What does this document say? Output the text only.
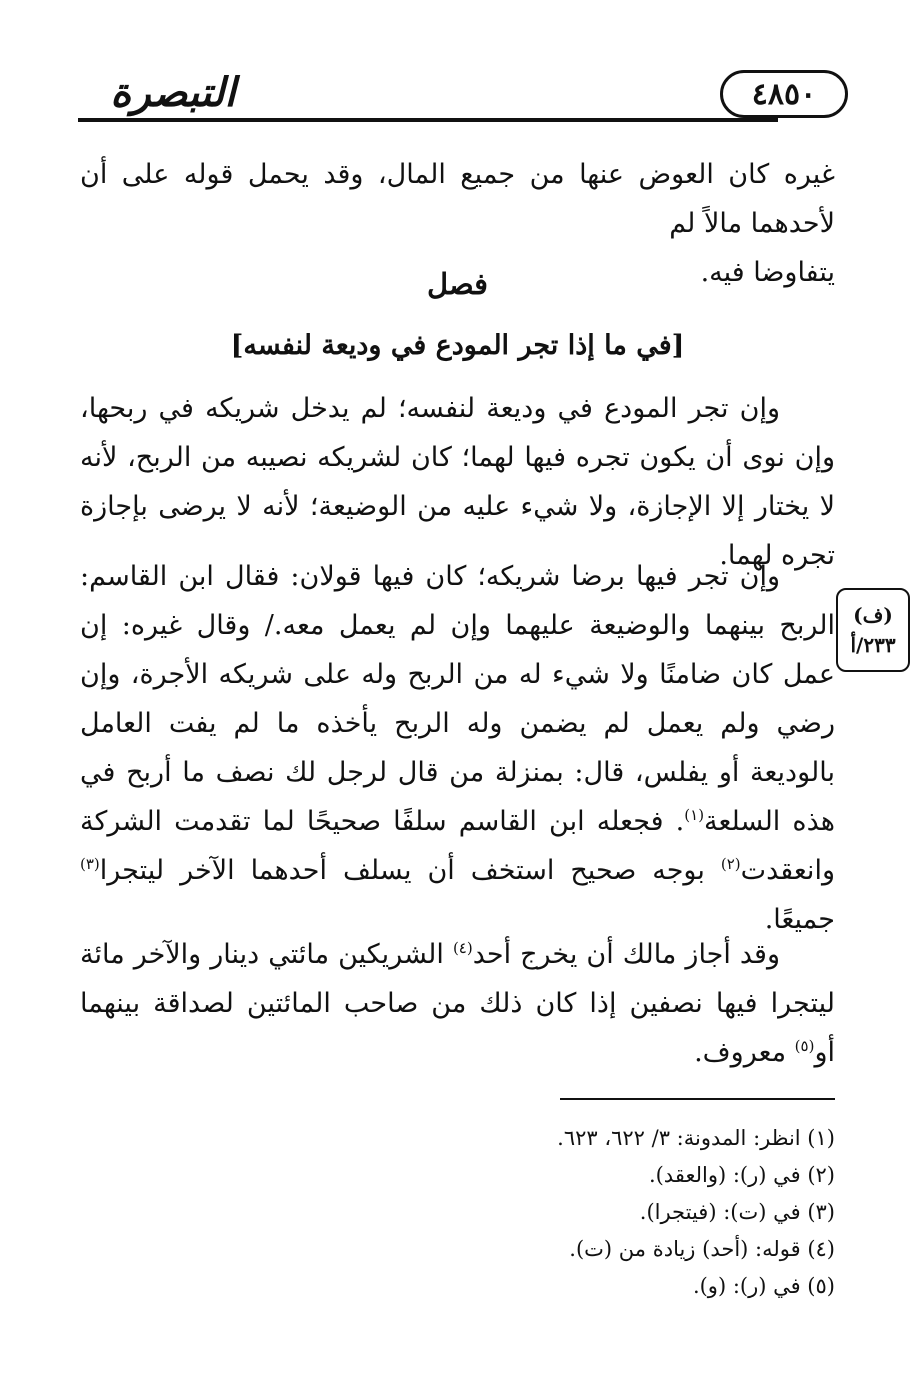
٤٨٥٠
التبصرة
غيره كان العوض عنها من جميع المال، وقد يحمل قوله على أن لأحدهما مالاً لم
يتفاوضا فيه.
فصل
[في ما إذا تجر المودع في وديعة لنفسه]
وإن تجر المودع في وديعة لنفسه؛ لم يدخل شريكه في ربحها، وإن نوى أن يكون تجره فيها لهما؛ كان لشريكه نصيبه من الربح، لأنه لا يختار إلا الإجازة، ولا شيء عليه من الوضيعة؛ لأنه لا يرضى بإجازة تجره لهما.
وإن تجر فيها برضا شريكه؛ كان فيها قولان: فقال ابن القاسم: الربح بينهما والوضيعة عليهما وإن لم يعمل معه./ وقال غيره: إن عمل كان ضامنًا ولا شيء له من الربح وله على شريكه الأجرة، وإن رضي ولم يعمل لم يضمن وله الربح يأخذه ما لم يفت العامل بالوديعة أو يفلس، قال: بمنزلة من قال لرجل لك نصف ما أربح في هذه السلعة$^{(١)}$. فجعله ابن القاسم سلفًا صحيحًا لما تقدمت الشركة وانعقدت$^{(٢)}$ بوجه صحيح استخف أن يسلف أحدهما الآخر ليتجرا$^{(٣)}$ جميعًا.
وقد أجاز مالك أن يخرج أحد$^{(٤)}$ الشريكين مائتي دينار والآخر مائة ليتجرا فيها نصفين إذا كان ذلك من صاحب المائتين لصداقة بينهما أو$^{(٥)}$ معروف.
(ف)
٢٣٣/أ
(١) انظر: المدونة: ٣/ ٦٢٢، ٦٢٣.
(٢) في (ر): (والعقد).
(٣) في (ت): (فيتجرا).
(٤) قوله: (أحد) زيادة من (ت).
(٥) في (ر): (و).
